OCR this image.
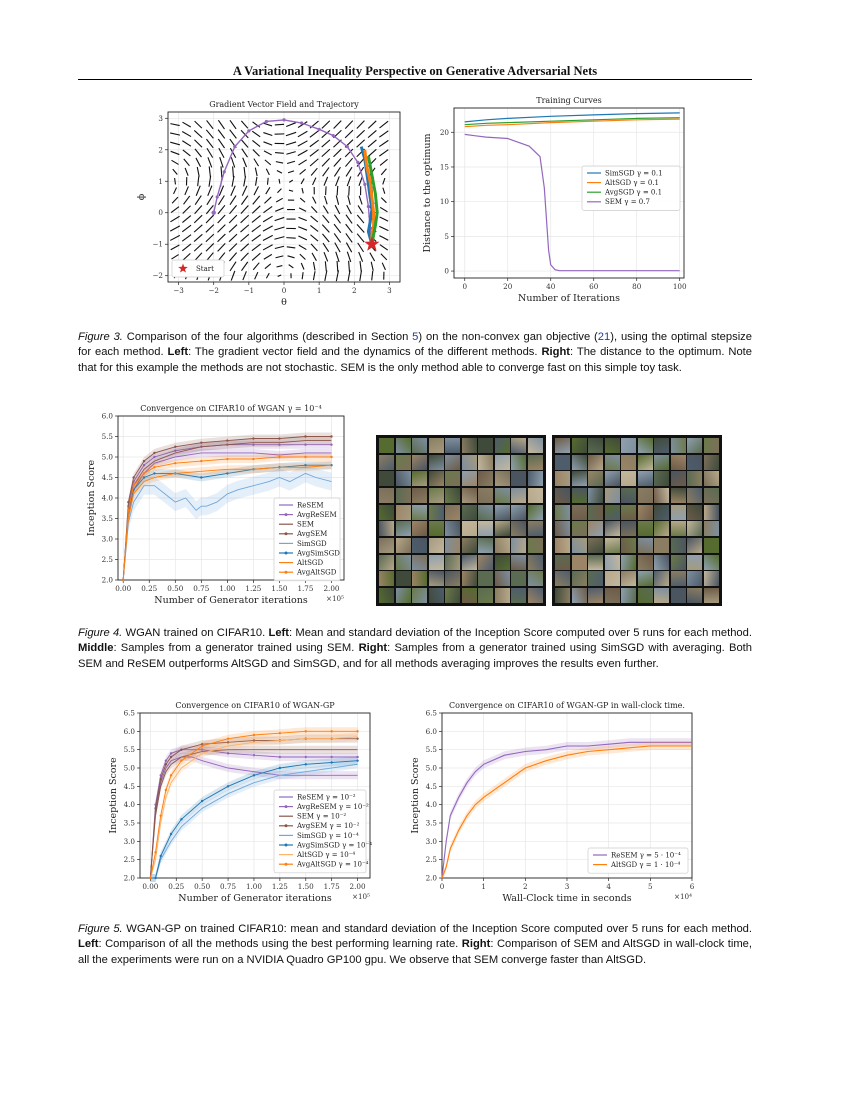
A Variational Inequality Perspective on Generative Adversarial Nets
−3	−2	−1	0	1	2	3
−2
−1
0
1
2
3
Gradient Vector Field and Trajectory
θ
ϕ
Start
0	20	40	60	80	100
0
5
10
15
20
Training Curves
Number of Iterations
Distance to the optimum	SimSGD γ = 0.1
AltSGD γ = 0.1
AvgSGD γ = 0.1
SEM γ = 0.7
Figure 3. Comparison of the four algorithms (described in Section 5) on the non-convex gan objective (21), using the optimal stepsize for each method. Left: The gradient vector field and the dynamics of the different methods. Right: The distance to the optimum. Note that for this example the methods are not stochastic. SEM is the only method able to converge fast on this simple toy task.
0.00 0.25 0.50 0.75 1.00 1.25 1.50 1.75 2.00
2.0
2.5
3.0
3.5
4.0
4.5
5.0
5.5
6.0
Convergence on CIFAR10 of WGAN γ = 10⁻⁴
Number of Generator iterations
Inception Score
×10⁵
ReSEM
AvgReSEM
SEM
AvgSEM
SimSGD
AvgSimSGD
AltSGD
AvgAltSGD
Figure 4. WGAN trained on CIFAR10. Left: Mean and standard deviation of the Inception Score computed over 5 runs for each method. Middle: Samples from a generator trained using SEM. Right: Samples from a generator trained using SimSGD with averaging. Both SEM and ReSEM outperforms AltSGD and SimSGD, and for all methods averaging improves the results even further.
0.00 0.25 0.50 0.75 1.00 1.25 1.50 1.75 2.00
2.0
2.5
3.0
3.5
4.0
4.5
5.0
5.5
6.0
6.5
Convergence on CIFAR10 of WGAN-GP
Number of Generator iterations
Inception Score
×10⁵
ReSEM γ = 10⁻²
AvgReSEM γ = 10⁻²
SEM γ = 10⁻²
AvgSEM γ = 10⁻²
SimSGD γ = 10⁻⁴
AvgSimSGD γ = 10⁻⁴
AltSGD γ = 10⁻⁴
AvgAltSGD γ = 10⁻⁴
0	1	2	3	4	5	6
2.0
2.5
3.0
3.5
4.0
4.5
5.0
5.5
6.0
6.5
Convergence on CIFAR10 of WGAN-GP in wall-clock time.
Wall-Clock time in seconds
Inception Score
×10⁴
ReSEM γ = 5 · 10⁻⁴
AltSGD γ = 1 · 10⁻⁴
Figure 5. WGAN-GP on trained CIFAR10: mean and standard deviation of the Inception Score computed over 5 runs for each method. Left: Comparison of all the methods using the best performing learning rate. Right: Comparison of SEM and AltSGD in wall-clock time, all the experiments were run on a NVIDIA Quadro GP100 gpu. We observe that SEM converge faster than AltSGD.
